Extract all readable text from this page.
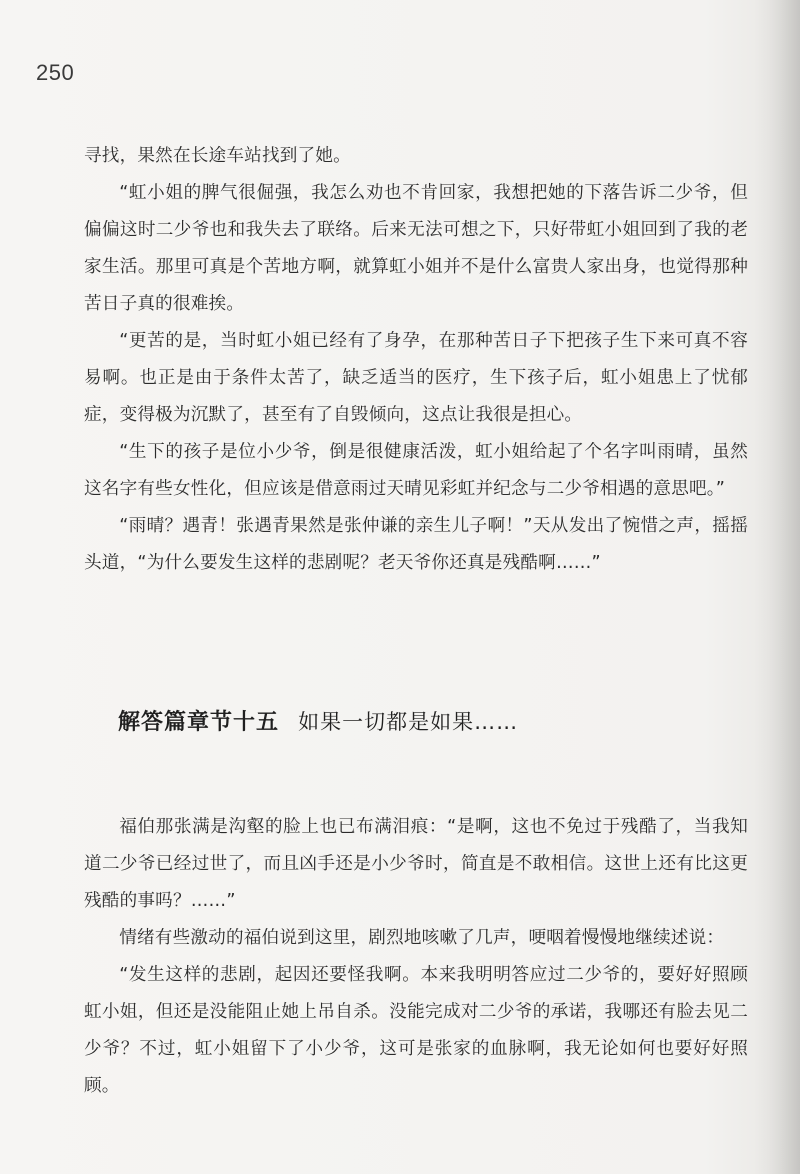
250

寻找，果然在长途车站找到了她。

“虹小姐的脾气很倔强，我怎么劝也不肯回家，我想把她的下落告诉二少爷，但偏偏这时二少爷也和我失去了联络。后来无法可想之下，只好带虹小姐回到了我的老家生活。那里可真是个苦地方啊，就算虹小姐并不是什么富贵人家出身，也觉得那种苦日子真的很难挨。

“更苦的是，当时虹小姐已经有了身孕，在那种苦日子下把孩子生下来可真不容易啊。也正是由于条件太苦了，缺乏适当的医疗，生下孩子后，虹小姐患上了忧郁症，变得极为沉默了，甚至有了自毁倾向，这点让我很是担心。

“生下的孩子是位小少爷，倒是很健康活泼，虹小姐给起了个名字叫雨晴，虽然这名字有些女性化，但应该是借意雨过天晴见彩虹并纪念与二少爷相遇的意思吧。”

“雨晴？遇青！张遇青果然是张仲谦的亲生儿子啊！”天从发出了惋惜之声，摇摇头道，“为什么要发生这样的悲剧呢？老天爷你还真是残酷啊……”

解答篇章节十五 如果一切都是如果……

福伯那张满是沟壑的脸上也已布满泪痕：“是啊，这也不免过于残酷了，当我知道二少爷已经过世了，而且凶手还是小少爷时，简直是不敢相信。这世上还有比这更残酷的事吗？……”

情绪有些激动的福伯说到这里，剧烈地咳嗽了几声，哽咽着慢慢地继续述说：

“发生这样的悲剧，起因还要怪我啊。本来我明明答应过二少爷的，要好好照顾虹小姐，但还是没能阻止她上吊自杀。没能完成对二少爷的承诺，我哪还有脸去见二少爷？不过，虹小姐留下了小少爷，这可是张家的血脉啊，我无论如何也要好好照顾。
